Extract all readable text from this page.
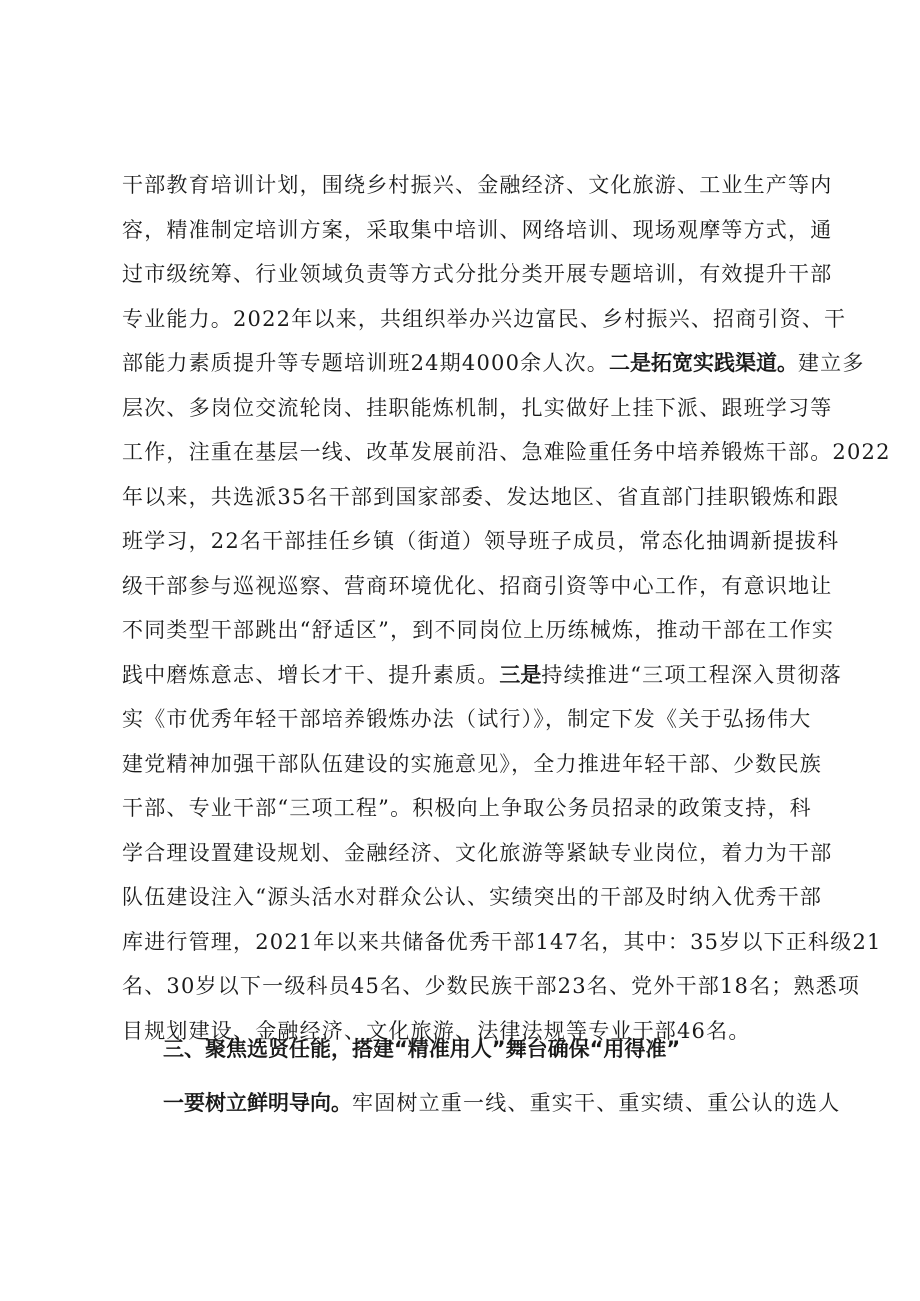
干部教育培训计划，围绕乡村振兴、金融经济、文化旅游、工业生产等内
容，精准制定培训方案，采取集中培训、网络培训、现场观摩等方式，通
过市级统筹、行业领域负责等方式分批分类开展专题培训，有效提升干部
专业能力。2022年以来，共组织举办兴边富民、乡村振兴、招商引资、干
部能力素质提升等专题培训班24期4000余人次。二是拓宽实践渠道。建立多
层次、多岗位交流轮岗、挂职能炼机制，扎实做好上挂下派、跟班学习等
工作，注重在基层一线、改革发展前沿、急难险重任务中培养锻炼干部。2022
年以来，共选派35名干部到国家部委、发达地区、省直部门挂职锻炼和跟
班学习，22名干部挂任乡镇（街道）领导班子成员，常态化抽调新提拔科
级干部参与巡视巡察、营商环境优化、招商引资等中心工作，有意识地让
不同类型干部跳出“舒适区”，到不同岗位上历练械炼，推动干部在工作实
践中磨炼意志、增长才干、提升素质。三是持续推进“三项工程深入贯彻落
实《市优秀年轻干部培养锻炼办法（试行）》，制定下发《关于弘扬伟大
建党精神加强干部队伍建设的实施意见》，全力推进年轻干部、少数民族
干部、专业干部“三项工程”。积极向上争取公务员招录的政策支持，科
学合理设置建设规划、金融经济、文化旅游等紧缺专业岗位，着力为干部
队伍建设注入“源头活水对群众公认、实绩突出的干部及时纳入优秀干部
库进行管理，2021年以来共储备优秀干部147名，其中：35岁以下正科级21
名、30岁以下一级科员45名、少数民族干部23名、党外干部18名；熟悉项
目规划建设、金融经济、文化旅游、法律法规等专业干部46名。
三、聚焦选贤任能，搭建“精准用人”舞台确保“用得准”
一要树立鲜明导向。牢固树立重一线、重实干、重实绩、重公认的选人
